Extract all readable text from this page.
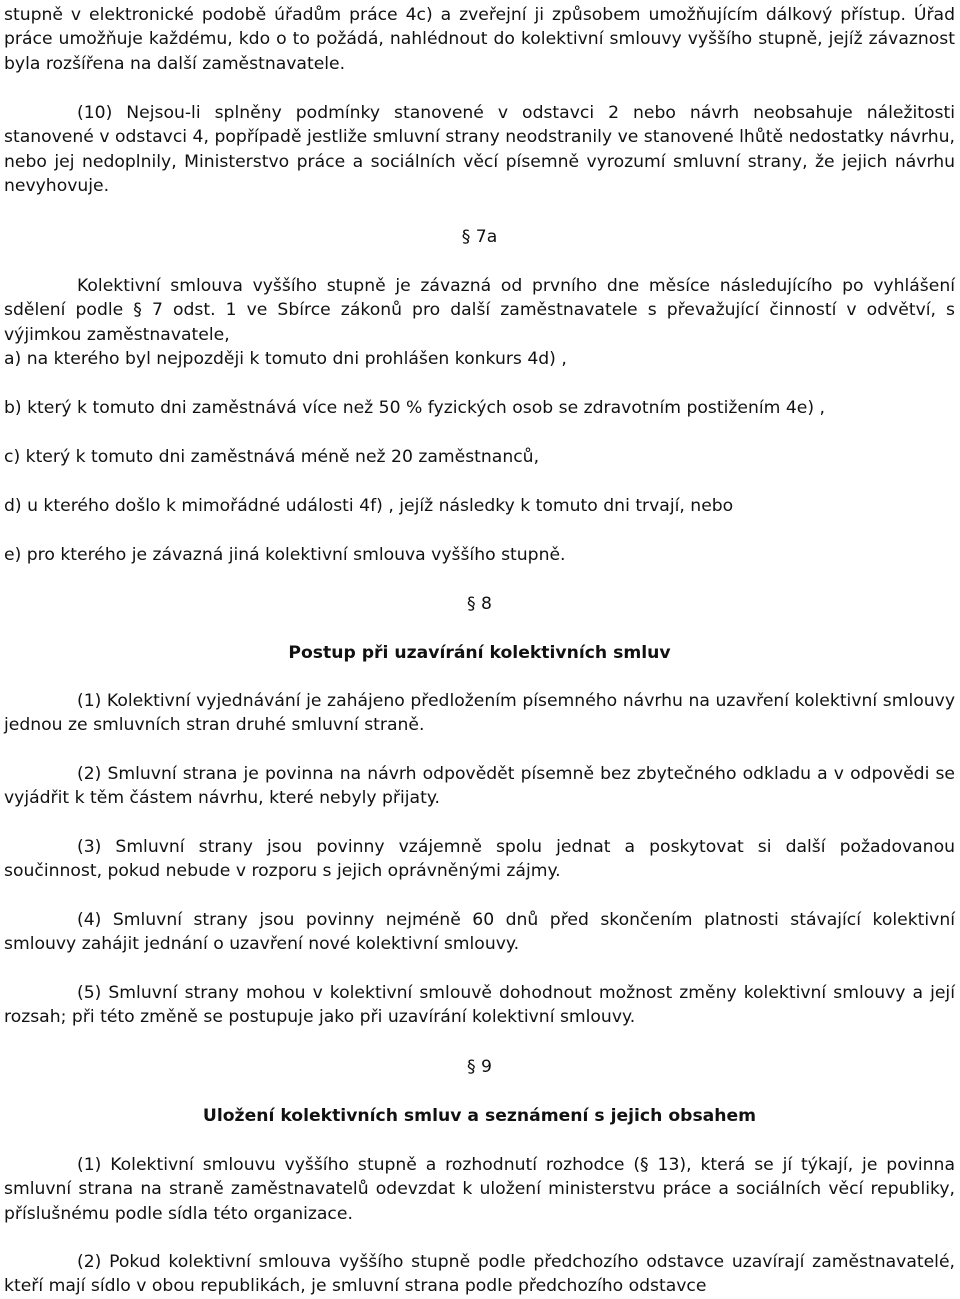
stupně v elektronické podobě úřadům práce 4c) a zveřejní ji způsobem umožňujícím dálkový přístup. Úřad práce umožňuje každému, kdo o to požádá, nahlédnout do kolektivní smlouvy vyššího stupně, jejíž závaznost byla rozšířena na další zaměstnavatele.

(10) Nejsou-li splněny podmínky stanovené v odstavci 2 nebo návrh neobsahuje náležitosti stanovené v odstavci 4, popřípadě jestliže smluvní strany neodstranily ve stanovené lhůtě nedostatky návrhu, nebo jej nedoplnily, Ministerstvo práce a sociálních věcí písemně vyrozumí smluvní strany, že jejich návrhu nevyhovuje.

§ 7a

Kolektivní smlouva vyššího stupně je závazná od prvního dne měsíce následujícího po vyhlášení sdělení podle § 7 odst. 1 ve Sbírce zákonů pro další zaměstnavatele s převažující činností v odvětví, s výjimkou zaměstnavatele,

a) na kterého byl nejpozději k tomuto dni prohlášen konkurs 4d) ,

b) který k tomuto dni zaměstnává více než 50 % fyzických osob se zdravotním postižením 4e) ,

c) který k tomuto dni zaměstnává méně než 20 zaměstnanců,

d) u kterého došlo k mimořádné události 4f) , jejíž následky k tomuto dni trvají, nebo

e) pro kterého je závazná jiná kolektivní smlouva vyššího stupně.

§ 8
Postup při uzavírání kolektivních smluv

(1) Kolektivní vyjednávání je zahájeno předložením písemného návrhu na uzavření kolektivní smlouvy jednou ze smluvních stran druhé smluvní straně.

(2) Smluvní strana je povinna na návrh odpovědět písemně bez zbytečného odkladu a v odpovědi se vyjádřit k těm částem návrhu, které nebyly přijaty.

(3) Smluvní strany jsou povinny vzájemně spolu jednat a poskytovat si další požadovanou součinnost, pokud nebude v rozporu s jejich oprávněnými zájmy.

(4) Smluvní strany jsou povinny nejméně 60 dnů před skončením platnosti stávající kolektivní smlouvy zahájit jednání o uzavření nové kolektivní smlouvy.

(5) Smluvní strany mohou v kolektivní smlouvě dohodnout možnost změny kolektivní smlouvy a její rozsah; při této změně se postupuje jako při uzavírání kolektivní smlouvy.

§ 9
Uložení kolektivních smluv a seznámení s jejich obsahem

(1) Kolektivní smlouvu vyššího stupně a rozhodnutí rozhodce (§ 13), která se jí týkají, je povinna smluvní strana na straně zaměstnavatelů odevzdat k uložení ministerstvu práce a sociálních věcí republiky, příslušnému podle sídla této organizace.

(2) Pokud kolektivní smlouva vyššího stupně podle předchozího odstavce uzavírají zaměstnavatelé, kteří mají sídlo v obou republikách, je smluvní strana podle předchozího odstavce
